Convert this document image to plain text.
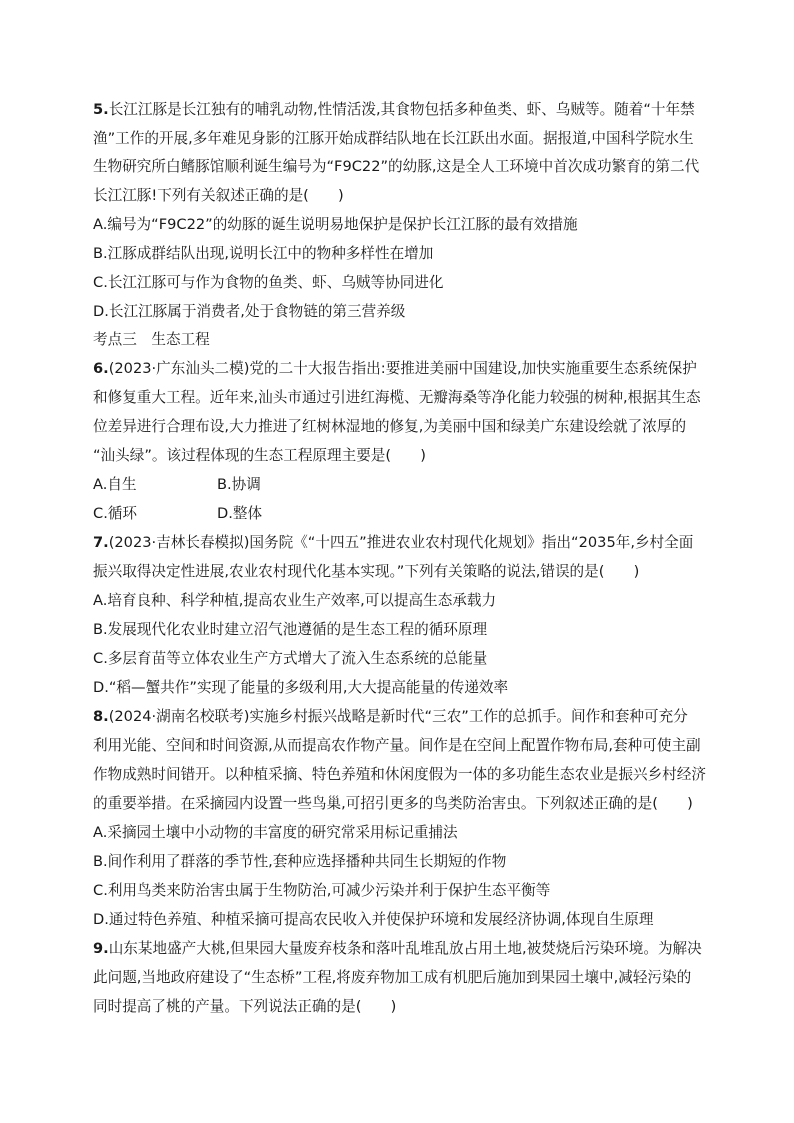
5.长江江豚是长江独有的哺乳动物,性情活泼,其食物包括多种鱼类、虾、乌贼等。随着“十年禁
渔”工作的开展,多年难见身影的江豚开始成群结队地在长江跃出水面。据报道,中国科学院水生
生物研究所白鳍豚馆顺利诞生编号为“F9C22”的幼豚,这是全人工环境中首次成功繁育的第二代
长江江豚!下列有关叙述正确的是(　　)
A.编号为“F9C22”的幼豚的诞生说明易地保护是保护长江江豚的最有效措施
B.江豚成群结队出现,说明长江中的物种多样性在增加
C.长江江豚可与作为食物的鱼类、虾、乌贼等协同进化
D.长江江豚属于消费者,处于食物链的第三营养级
考点三　生态工程
6.(2023·广东汕头二模)党的二十大报告指出:要推进美丽中国建设,加快实施重要生态系统保护
和修复重大工程。近年来,汕头市通过引进红海榄、无瓣海桑等净化能力较强的树种,根据其生态
位差异进行合理布设,大力推进了红树林湿地的修复,为美丽中国和绿美广东建设绘就了浓厚的
“汕头绿”。该过程体现的生态工程原理主要是(　　)
A.自生	B.协调
C.循环	D.整体
7.(2023·吉林长春模拟)国务院《“十四五”推进农业农村现代化规划》指出“2035年,乡村全面
振兴取得决定性进展,农业农村现代化基本实现。”下列有关策略的说法,错误的是(　　)
A.培育良种、科学种植,提高农业生产效率,可以提高生态承载力
B.发展现代化农业时建立沼气池遵循的是生态工程的循环原理
C.多层育苗等立体农业生产方式增大了流入生态系统的总能量
D.“稻—蟹共作”实现了能量的多级利用,大大提高能量的传递效率
8.(2024·湖南名校联考)实施乡村振兴战略是新时代“三农”工作的总抓手。间作和套种可充分
利用光能、空间和时间资源,从而提高农作物产量。间作是在空间上配置作物布局,套种可使主副
作物成熟时间错开。以种植采摘、特色养殖和休闲度假为一体的多功能生态农业是振兴乡村经济
的重要举措。在采摘园内设置一些鸟巢,可招引更多的鸟类防治害虫。下列叙述正确的是(　　)
A.采摘园土壤中小动物的丰富度的研究常采用标记重捕法
B.间作利用了群落的季节性,套种应选择播种共同生长期短的作物
C.利用鸟类来防治害虫属于生物防治,可减少污染并利于保护生态平衡等
D.通过特色养殖、种植采摘可提高农民收入并使保护环境和发展经济协调,体现自生原理
9.山东某地盛产大桃,但果园大量废弃枝条和落叶乱堆乱放占用土地,被焚烧后污染环境。为解决
此问题,当地政府建设了“生态桥”工程,将废弃物加工成有机肥后施加到果园土壤中,减轻污染的
同时提高了桃的产量。下列说法正确的是(　　)
